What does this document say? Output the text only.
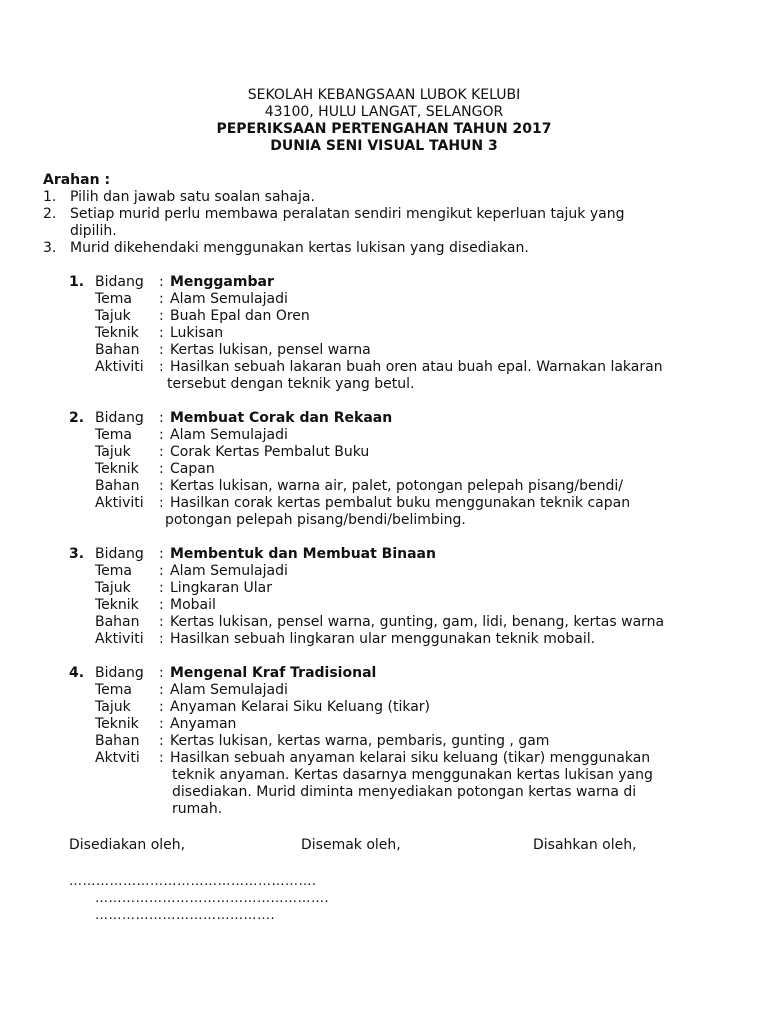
SEKOLAH KEBANGSAAN LUBOK KELUBI
43100, HULU LANGAT, SELANGOR
PEPERIKSAAN PERTENGAHAN TAHUN 2017
DUNIA SENI VISUAL TAHUN 3
Arahan :
1. Pilih dan jawab satu soalan sahaja.
2. Setiap murid perlu membawa peralatan sendiri mengikut keperluan tajuk yang
dipilih.
3. Murid dikehendaki menggunakan kertas lukisan yang disediakan.
1. Bidang	: Menggambar
Tema	: Alam Semulajadi
Tajuk	: Buah Epal dan Oren
Teknik	: Lukisan
Bahan	: Kertas lukisan, pensel warna
Aktiviti	: Hasilkan sebuah lakaran buah oren atau buah epal. Warnakan lakaran
tersebut dengan teknik yang betul.
2. Bidang	: Membuat Corak dan Rekaan
Tema	: Alam Semulajadi
Tajuk	: Corak Kertas Pembalut Buku
Teknik	: Capan
Bahan	: Kertas lukisan, warna air, palet, potongan pelepah pisang/bendi/
Aktiviti	: Hasilkan corak kertas pembalut buku menggunakan teknik capan
potongan pelepah pisang/bendi/belimbing.
3. Bidang	: Membentuk dan Membuat Binaan
Tema	: Alam Semulajadi
Tajuk	: Lingkaran Ular
Teknik	: Mobail
Bahan	: Kertas lukisan, pensel warna, gunting, gam, lidi, benang, kertas warna
Aktiviti	: Hasilkan sebuah lingkaran ular menggunakan teknik mobail.
4. Bidang	: Mengenal Kraf Tradisional
Tema	: Alam Semulajadi
Tajuk	: Anyaman Kelarai Siku Keluang (tikar)
Teknik	: Anyaman
Bahan	: Kertas lukisan, kertas warna, pembaris, gunting , gam
Aktviti	: Hasilkan sebuah anyaman kelarai siku keluang (tikar) menggunakan
teknik anyaman. Kertas dasarnya menggunakan kertas lukisan yang
disediakan. Murid diminta menyediakan potongan kertas warna di
rumah.
Disediakan oleh,	Disemak oleh,	Disahkan oleh,
……………………………………………….
…………………………………………….
………………………………….
